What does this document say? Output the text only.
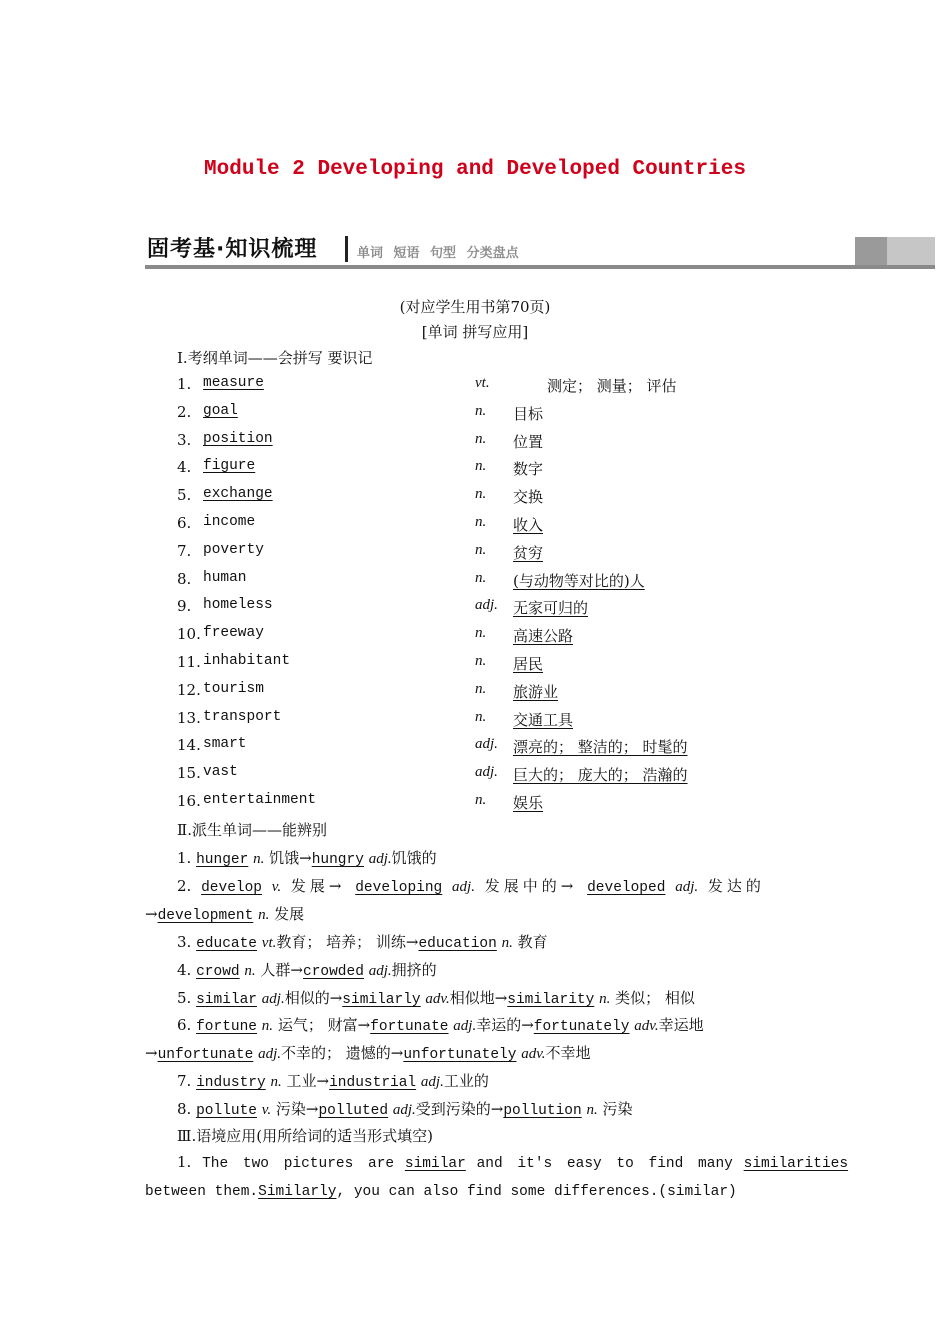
Module 2 Developing and Developed Countries
固考基·知识梳理	单词 短语 句型 分类盘点
(对应学生用书第70页)
[单词 拼写应用]
Ⅰ.考纲单词——会拼写 要识记
1. measure	vt.	测定； 测量； 评估
2. goal	n. 目标
3. position	n. 位置
4. figure	n. 数字
5. exchange	n. 交换
6. income	n. 收入
7. poverty	n. 贫穷
8. human	n. (与动物等对比的)人
9. homeless	adj. 无家可归的
10. freeway	n. 高速公路
11. inhabitant	n. 居民
12. tourism	n. 旅游业
13. transport	n. 交通工具
14. smart	adj. 漂亮的； 整洁的； 时髦的
15. vast	adj. 巨大的； 庞大的； 浩瀚的
16. entertainment	n. 娱乐
Ⅱ.派生单词——能辨别
1. hunger n. 饥饿→hungry adj.饥饿的
2. develop v. 发展→ developing adj. 发展中的→ developed adj. 发达的
→development n. 发展
3. educate vt.教育； 培养； 训练→education n. 教育
4. crowd n. 人群→crowded adj.拥挤的
5. similar adj.相似的→similarly adv.相似地→similarity n. 类似； 相似
6. fortune n. 运气； 财富→fortunate adj.幸运的→fortunately adv.幸运地
→unfortunate adj.不幸的； 遗憾的→unfortunately adv.不幸地
7. industry n. 工业→industrial adj.工业的
8. pollute v. 污染→polluted adj.受到污染的→pollution n. 污染
Ⅲ.语境应用(用所给词的适当形式填空)
1. The two pictures are similar and it's easy to find many similarities
between them.Similarly, you can also find some differences.(similar)
